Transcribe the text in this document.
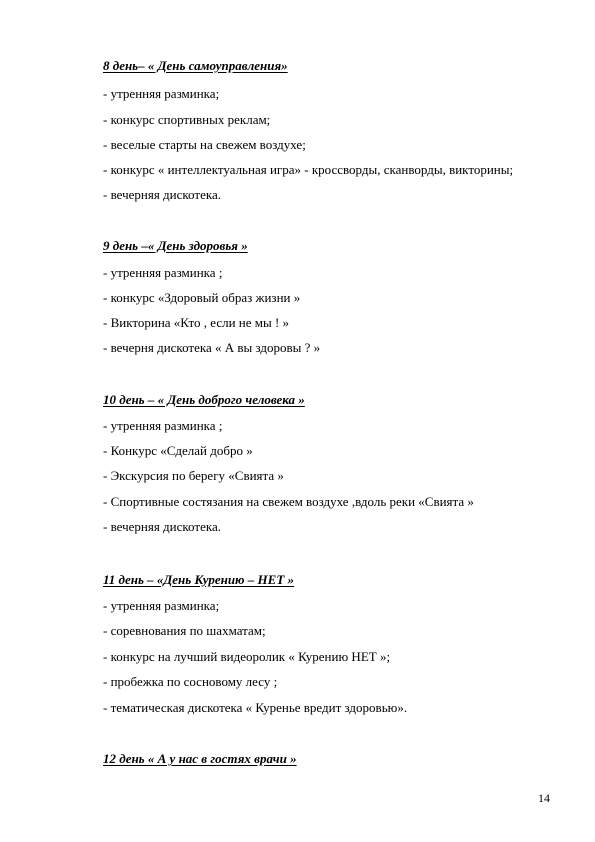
8 день– « День самоуправления»
- утренняя разминка;
- конкурс спортивных реклам;
- веселые старты на свежем воздухе;
- конкурс « интеллектуальная игра» - кроссворды, сканворды, викторины;
- вечерняя дискотека.
9 день –« День здоровья »
- утренняя разминка ;
- конкурс «Здоровый образ жизни »
- Викторина «Кто , если не мы ! »
- вечерня дискотека « А вы здоровы ? »
10 день – « День доброго человека »
- утренняя разминка ;
- Конкурс «Сделай добро »
- Экскурсия по берегу «Свията »
- Спортивные состязания на свежем воздухе ,вдоль реки «Свията »
- вечерняя дискотека.
11 день – «День Курению – НЕТ »
- утренняя разминка;
- соревнования по шахматам;
- конкурс на лучший видеоролик « Курению НЕТ »;
- пробежка по сосновому лесу ;
- тематическая дискотека « Куренье вредит здоровью».
12 день « А у нас в гостях врачи »
14
